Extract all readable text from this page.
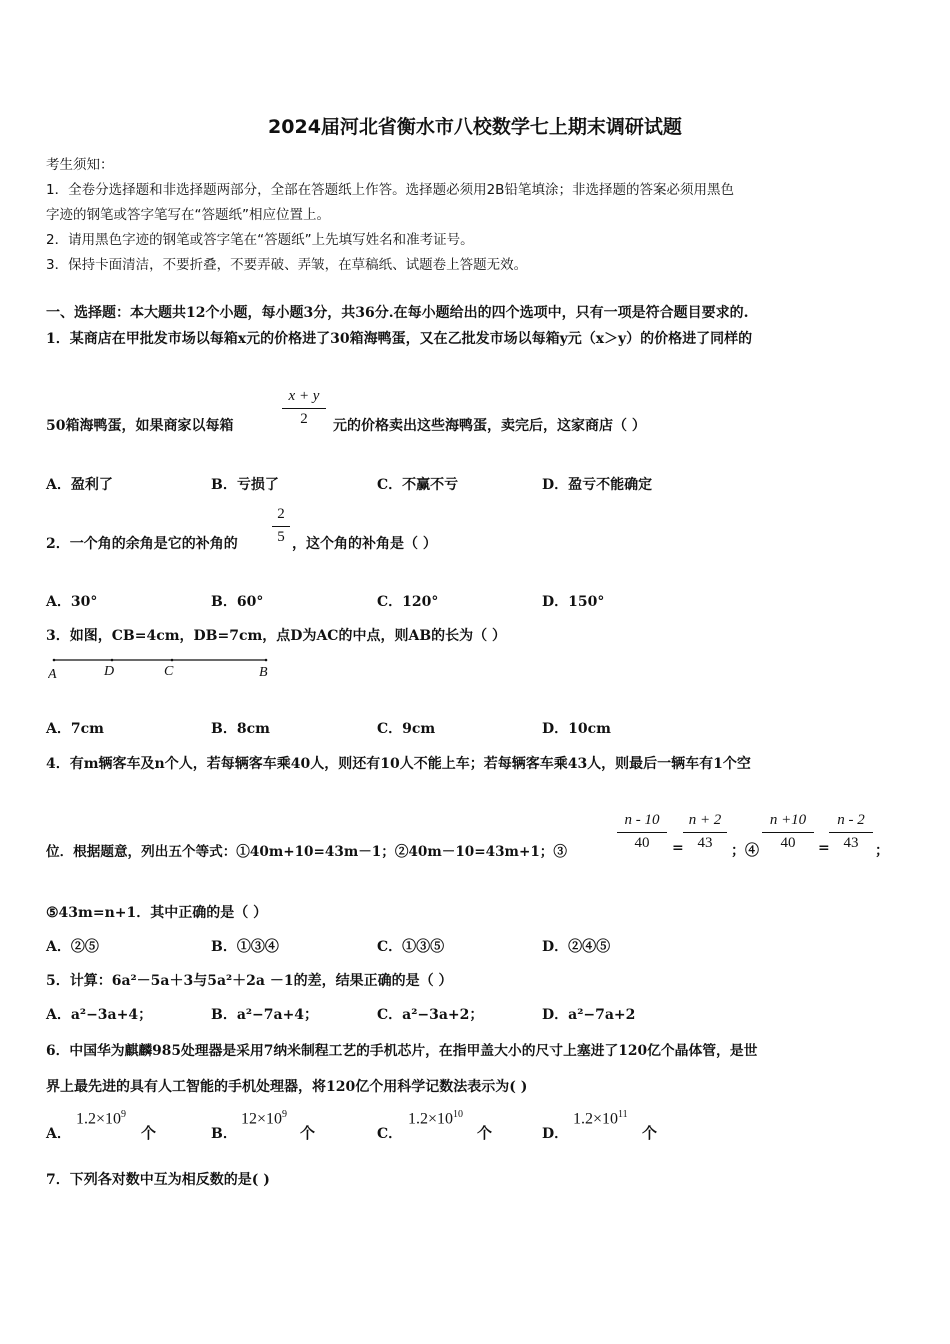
2024届河北省衡水市八校数学七上期末调研试题
考生须知：
1．全卷分选择题和非选择题两部分，全部在答题纸上作答。选择题必须用2B铅笔填涂；非选择题的答案必须用黑色
字迹的钢笔或答字笔写在“答题纸”相应位置上。
2．请用黑色字迹的钢笔或答字笔在“答题纸”上先填写姓名和准考证号。
3．保持卡面清洁，不要折叠，不要弄破、弄皱，在草稿纸、试题卷上答题无效。
一、选择题：本大题共12个小题，每小题3分，共36分.在每小题给出的四个选项中，只有一项是符合题目要求的.
1．某商店在甲批发市场以每箱x元的价格进了30箱海鸭蛋，又在乙批发市场以每箱y元（x＞y）的价格进了同样的
50箱海鸭蛋，如果商家以每箱
x + y
2	元的价格卖出这些海鸭蛋，卖完后，这家商店（ ）
A．盈利了	B．亏损了	C．不赢不亏	D．盈亏不能确定
2．一个角的余角是它的补角的
2
5 ，这个角的补角是（ ）
A．30°	B．60°	C．120°	D．150°
3．如图，CB=4cm，DB=7cm，点D为AC的中点，则AB的长为（ ）
A	D	C	B
A．7cm	B．8cm	C．9cm	D．10cm
4．有m辆客车及n个人，若每辆客车乘40人，则还有10人不能上车；若每辆客车乘43人，则最后一辆车有1个空
位．根据题意，列出五个等式：①40m+10=43m－1；②40m－10=43m+1；③
n - 10
40	=
n + 2
43	；④
n +10
40	=
n - 2
43	；
⑤43m=n+1．其中正确的是（ ）
A．②⑤	B．①③④	C．①③⑤	D．②④⑤
5．计算：6a²－5a＋3与5a²＋2a －1的差，结果正确的是（ ）
A．a²−3a+4；	B．a²−7a+4；	C．a²−3a+2；	D．a²−7a+2
6．中国华为麒麟985处理器是采用7纳米制程工艺的手机芯片，在指甲盖大小的尺寸上塞进了120亿个晶体管，是世
界上最先进的具有人工智能的手机处理器，将120亿个用科学记数法表示为( )
A．
$1.2\times 10^9$
个	B．
$12\times 10^9$
个	C．
$1.2\times 10^{10}$
个	D．
$1.2\times 10^{11}$
个
7．下列各对数中互为相反数的是( )
